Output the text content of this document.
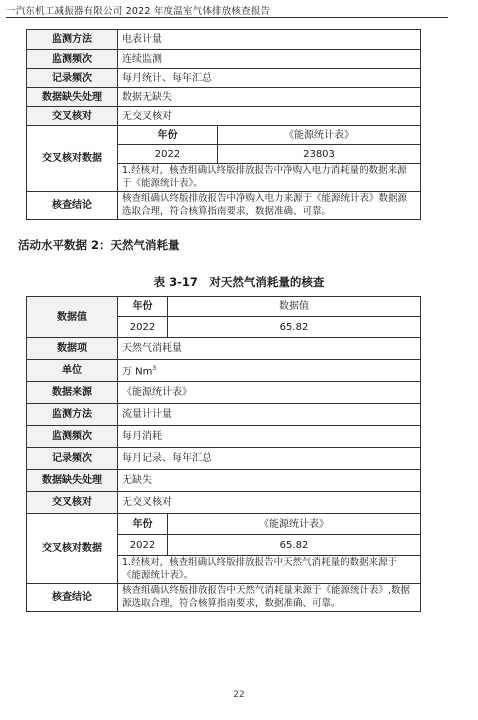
一汽东机工减振器有限公司 2022 年度温室气体排放核查报告
监测方法	电表计量	
监测频次	连续监测	
记录频次	每月统计、每年汇总	
数据缺失处理	数据无缺失	
交叉核对	无交叉核对	
交叉核对数据	年份	《能源统计表》
	2022	23803
	1.经核对，核查组确认终版排放报告中净购入电力消耗量的数据来源于《能源统计表》。	
核查结论	核查组确认终版排放报告中净购入电力来源于《能源统计表》数据源选取合理，符合核算指南要求，数据准确、可靠。	
活动水平数据 2：天然气消耗量
表 3-17　对天然气消耗量的核查
数据值	年份	数据值
	2022	65.82
数据项	天然气消耗量	
单位	万 Nm$^3$
数据来源	《能源统计表》	
监测方法	流量计计量	
监测频次	每月消耗	
记录频次	每月记录、每年汇总	
数据缺失处理	无缺失	
交叉核对	无交叉核对	
交叉核对数据	年份	《能源统计表》
	2022	65.82
	1.经核对，核查组确认终版排放报告中天然气消耗量的数据来源于《能源统计表》。	
核查结论	核查组确认终版排放报告中天然气消耗量来源于《能源统计表》,数据源选取合理，符合核算指南要求，数据准确、可靠。	
22
